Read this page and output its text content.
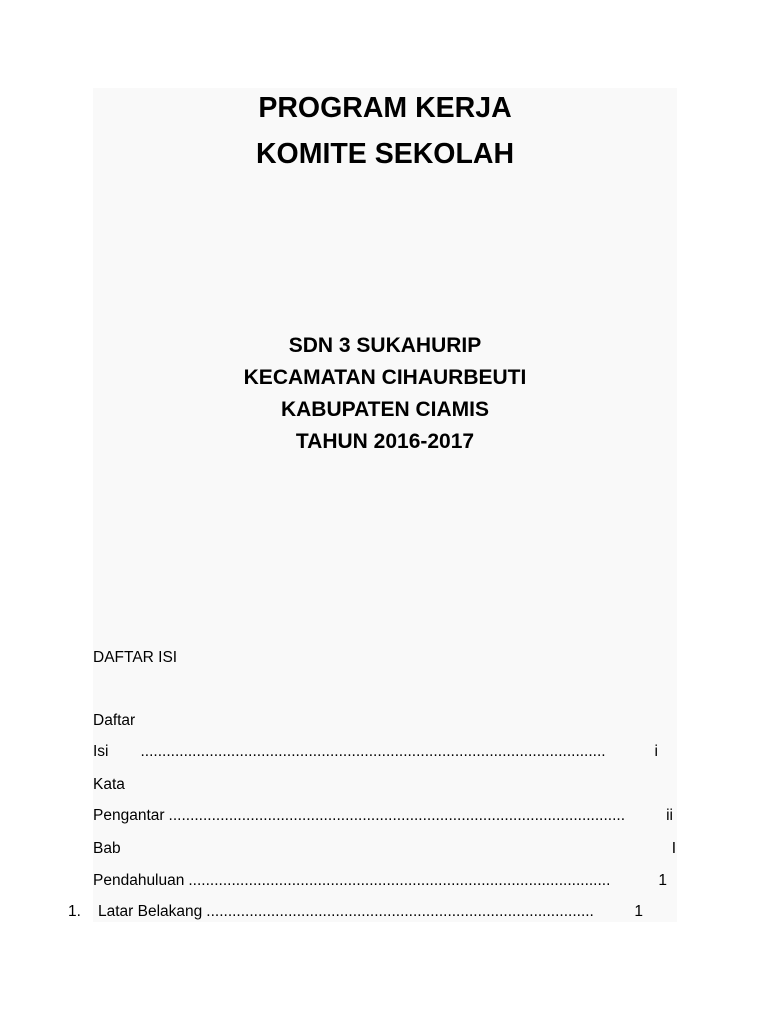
PROGRAM KERJA
KOMITE SEKOLAH
SDN 3 SUKAHURIP
KECAMATAN CIHAURBEUTI
KABUPATEN CIAMIS
TAHUN 2016-2017
DAFTAR ISI
Daftar
Isi ............................................................................................................	i
Kata
Pengantar ..........................................................................................................	ii
Bab	I
Pendahuluan ..................................................................................................	1
1.	Latar Belakang ..........................................................................................	1
